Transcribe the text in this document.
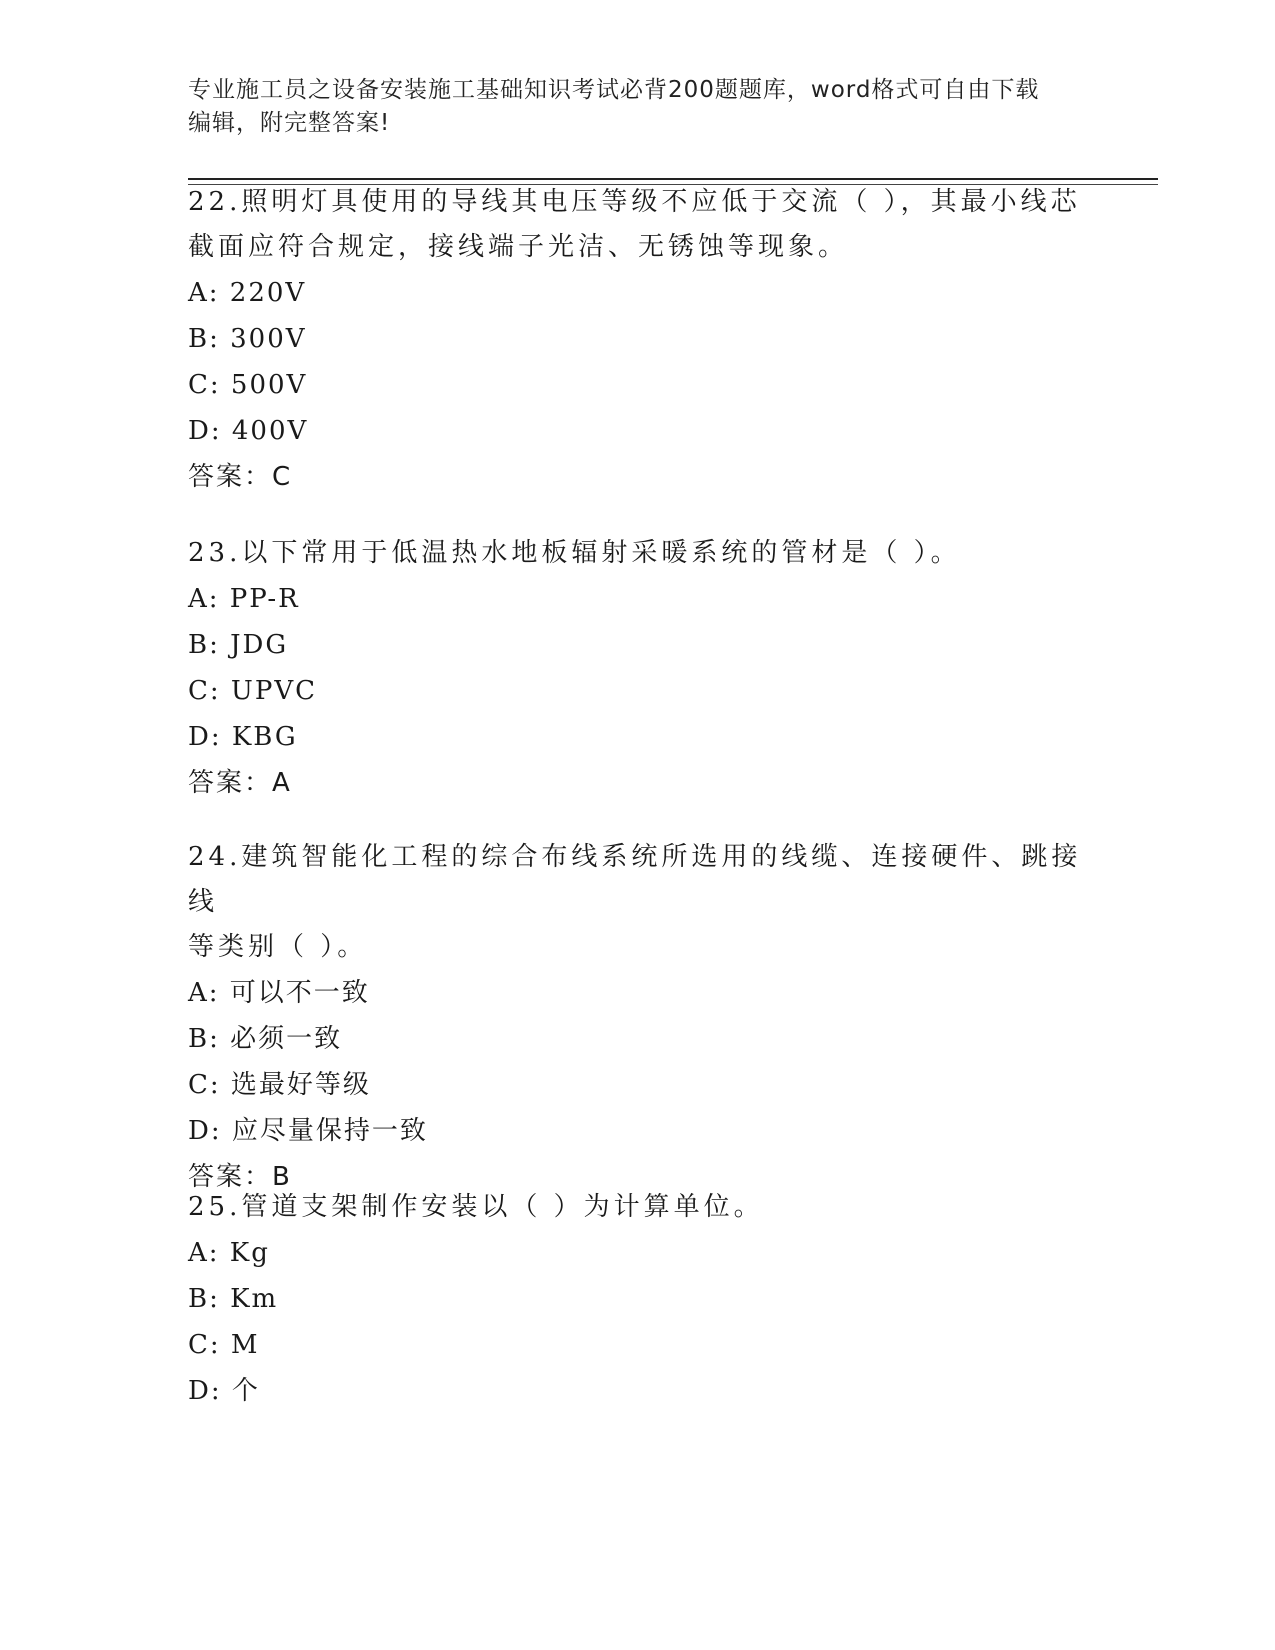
专业施工员之设备安装施工基础知识考试必背200题题库，word格式可自由下载
编辑，附完整答案!

22.照明灯具使用的导线其电压等级不应低于交流（ ），其最小线芯

截面应符合规定，接线端子光洁、无锈蚀等现象。

A: 220V

B: 300V

C: 500V

D: 400V

答案：C

23.以下常用于低温热水地板辐射采暖系统的管材是（ ）。

A: PP-R

B: JDG

C: UPVC

D: KBG

答案：A

24.建筑智能化工程的综合布线系统所选用的线缆、连接硬件、跳接线

等类别（ ）。

A: 可以不一致

B: 必须一致

C: 选最好等级

D: 应尽量保持一致

答案：B

25.管道支架制作安装以（ ）为计算单位。

A: Kg

B: Km

C: M

D: 个
